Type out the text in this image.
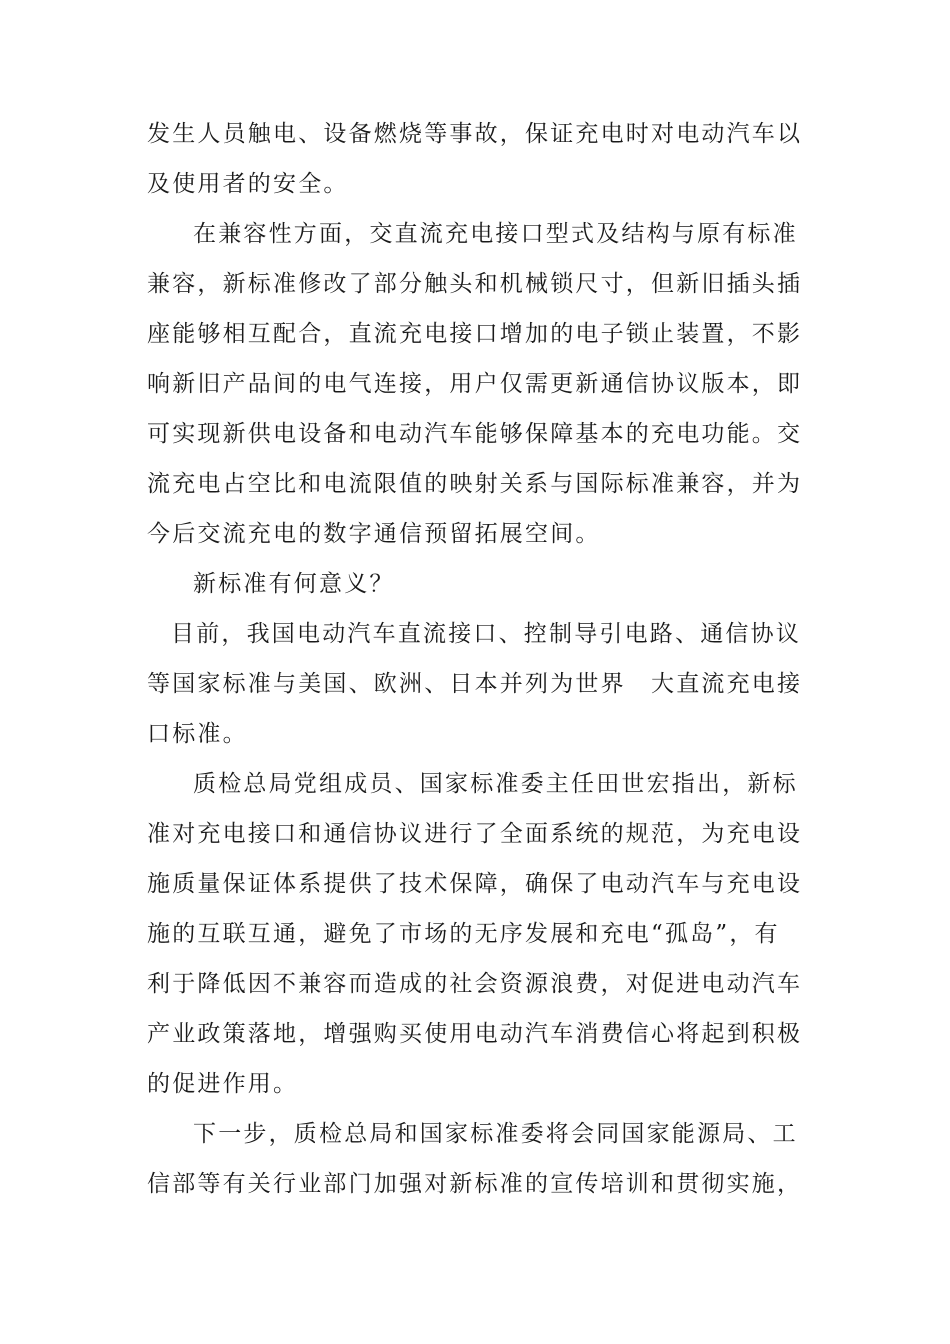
发生人员触电、设备燃烧等事故，保证充电时对电动汽车以
及使用者的安全。
在兼容性方面，交直流充电接口型式及结构与原有标准
兼容，新标准修改了部分触头和机械锁尺寸，但新旧插头插
座能够相互配合，直流充电接口增加的电子锁止装置，不影
响新旧产品间的电气连接，用户仅需更新通信协议版本，即
可实现新供电设备和电动汽车能够保障基本的充电功能。交
流充电占空比和电流限值的映射关系与国际标准兼容，并为
今后交流充电的数字通信预留拓展空间。
新标准有何意义？
目前，我国电动汽车直流接口、控制导引电路、通信协议
等国家标准与美国、欧洲、日本并列为世界　大直流充电接
口标准。
质检总局党组成员、国家标准委主任田世宏指出，新标
准对充电接口和通信协议进行了全面系统的规范，为充电设
施质量保证体系提供了技术保障，确保了电动汽车与充电设
施的互联互通，避免了市场的无序发展和充电“孤岛”，有
利于降低因不兼容而造成的社会资源浪费，对促进电动汽车
产业政策落地，增强购买使用电动汽车消费信心将起到积极
的促进作用。
下一步，质检总局和国家标准委将会同国家能源局、工
信部等有关行业部门加强对新标准的宣传培训和贯彻实施，
